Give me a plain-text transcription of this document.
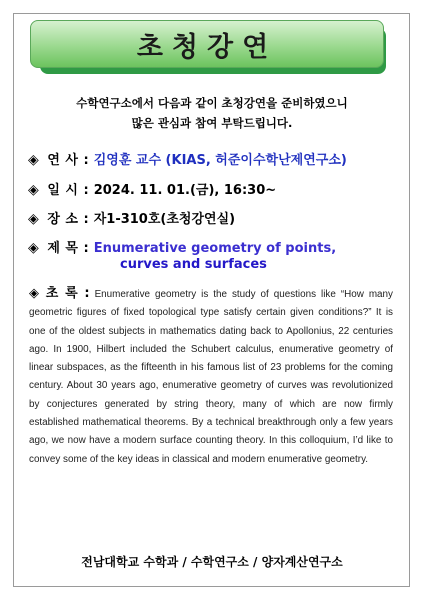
초청강연
수학연구소에서 다음과 같이 초청강연을 준비하였으니
많은 관심과 참여 부탁드립니다.
◈ 연 사 : 김영훈 교수 (KIAS, 허준이수학난제연구소)
◈ 일 시 : 2024. 11. 01.(금), 16:30~
◈ 장 소 : 자1-310호(초청강연실)
◈ 제 목 : Enumerative geometry of points,
curves and surfaces
◈ 초 록 : Enumerative geometry is the study of questions like “How many geometric figures of fixed topological type satisfy certain given conditions?” It is one of the oldest subjects in mathematics dating back to Apollonius, 22 centuries ago. In 1900, Hilbert included the Schubert calculus, enumerative geometry of linear subspaces, as the fifteenth in his famous list of 23 problems for the coming century. About 30 years ago, enumerative geometry of curves was revolutionized by conjectures generated by string theory, many of which are now firmly established mathematical theorems. By a technical breakthrough only a few years ago, we now have a modern surface counting theory. In this colloquium, I’d like to convey some of the key ideas in classical and modern enumerative geometry.
전남대학교 수학과 / 수학연구소 / 양자계산연구소
